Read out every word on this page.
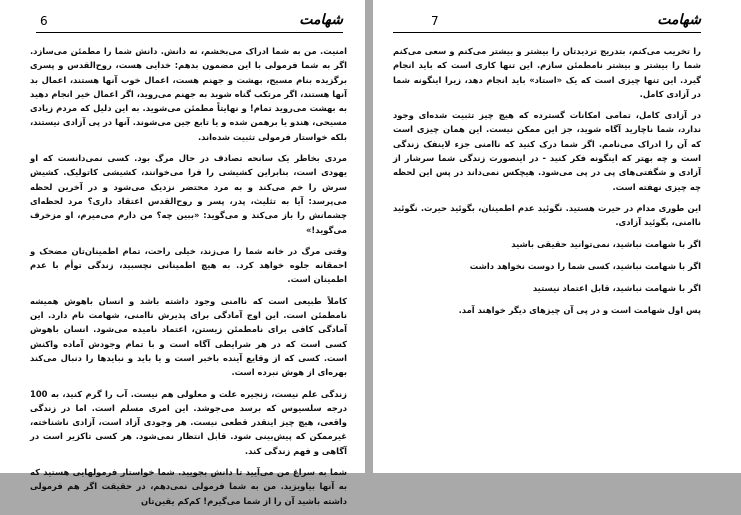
6	شهامت

امنیت. من به شما ادراک می‌بخشم، نه دانش. دانش شما را مطمئن می‌سازد. اگر به شما فرمولی با این مضمون بدهم: خدایی هست، روح‌القدس و پسری برگزیده بنام مسیح، بهشت و جهنم هست، اعمال خوب آنها هستند، اعمال بد آنها هستند، اگر مرتکب گناه شوید به جهنم می‌روید، اگر اعمال خیر انجام دهید به بهشت می‌روید تمام! و نهایتاً مطمئن می‌شوید. به این دلیل که مردم زیادی مسیحی، هندو یا برهمن شده و یا تابع جین می‌شوند. آنها در پی آزادی نیستند، بلکه خواستار فرمولی تثبیت شده‌اند.

مردی بخاطر یک سانحه تصادف در حال مرگ بود. کسی نمی‌دانست که او یهودی است، بنابراین کشیشی را فرا می‌خوانند، کشیشی کاتولیک. کشیش سرش را خم می‌کند و به مرد محتضر نزدیک می‌شود و در آخرین لحظه می‌پرسد: آیا به تثلیث، پدر، پسر و روح‌القدس اعتقاد داری؟ مرد لحظه‌ای چشمانش را باز می‌کند و می‌گوید: «ببین چه؟ من دارم می‌میرم، او مزخرف می‌گوید!»

وقتی مرگ در خانه شما را می‌زند، خیلی راحت، تمام اطمینان‌تان مضحک و احمقانه جلوه خواهد کرد. به هیچ اطمینانی نچسبید، زندگی توأم با عدم اطمینان است.

کاملاً طبیعی است که ناامنی وجود داشته باشد و انسان باهوش همیشه نامطمئن است. این اوج آمادگی برای پذیرش ناامنی، شهامت نام دارد. این آمادگی کافی برای نامطمئن زیستن، اعتماد نامیده می‌شود. انسان باهوش کسی است که در هر شرایطی آگاه است و با تمام وجودش آماده واکنش است. کسی که از وقایع آینده باخبر است و یا باید و نبایدها را دنبال می‌کند بهره‌ای از هوش نبرده است.

زندگی علم نیست، زنجیره علت و معلولی هم نیست. آب را گرم کنید، به 100 درجه سلسیوس که برسد می‌جوشد. این امری مسلم است. اما در زندگی واقعی، هیچ چیز اینقدر قطعی نیست. هر وجودی آزاد است، آزادی ناشناخته، غیرممکن که پیش‌بینی شود. قابل انتظار نمی‌شود. هر کسی تاکزیر است در آگاهی و فهم زندگی کند.

شما به سراغ من می‌آیید تا دانش بجویید. شما خواستار فرمولهایی هستید که به آنها بیاویزید. من به شما فرمولی نمی‌دهم، در حقیقت اگر هم فرمولی داشته باشید آن را از شما می‌گیرم! کم‌کم یقین‌تان

7	شهامت

را تخریب می‌کنم، بتدریج تردیدتان را بیشتر و بیشتر می‌کنم و سعی می‌کنم شما را بیشتر و بیشتر نامطمئن سازم. این تنها کاری است که باید انجام گیرد. این تنها چیزی است که یک «استاد» باید انجام دهد، زیرا اینگونه شما در آزادی کامل.

در آزادی کامل، تمامی امکانات گسترده که هیچ چیز تثبیت شده‌ای وجود ندارد، شما ناچارید آگاه شوید، جز این ممکن نیست. این همان چیزی است که آن را ادراک می‌نامم. اگر شما درک کنید که ناامنی جزء لاینفک زندگی است و چه بهتر که اینگونه فکر کنید - در اینصورت زندگی شما سرشار از آزادی و شگفتی‌های پی در پی می‌شود. هیچکس نمی‌داند در پس این لحظه چه چیزی نهفته است.

این طوری مدام در حیرت هستید. نگوئید عدم اطمینان، بگوئید حیرت. نگوئید ناامنی، بگوئید آزادی.

اگر با شهامت نباشید، نمی‌توانید حقیقی باشید

اگر با شهامت نباشید، کسی شما را دوست نخواهد داشت

اگر با شهامت نباشید، قابل اعتماد نیستید

پس اول شهامت است و در پی آن چیزهای دیگر خواهند آمد.
